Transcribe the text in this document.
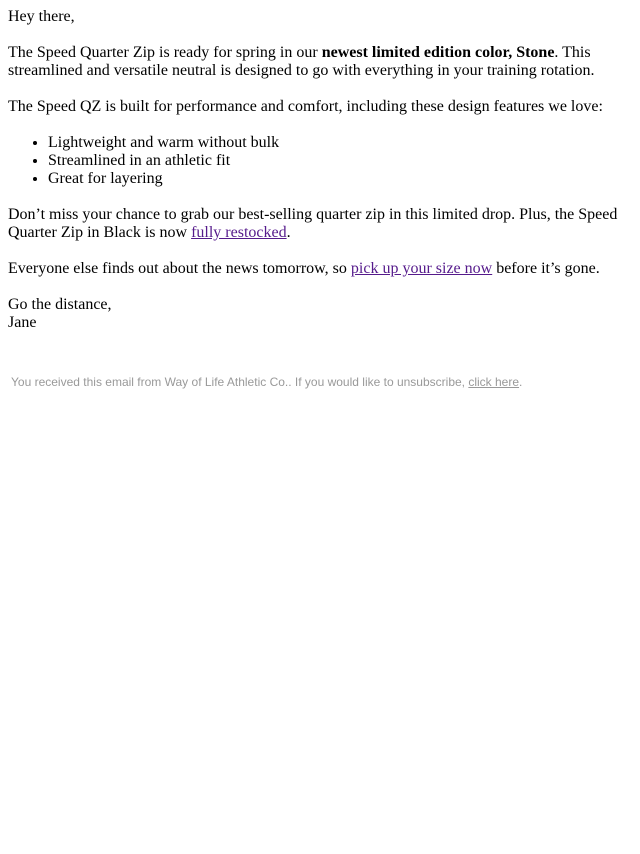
Hey there,

The Speed Quarter Zip is ready for spring in our newest limited edition color, Stone. This streamlined and versatile neutral is designed to go with everything in your training rotation.

The Speed QZ is built for performance and comfort, including these design features we love:

• Lightweight and warm without bulk
• Streamlined in an athletic fit
• Great for layering

Don’t miss your chance to grab our best-selling quarter zip in this limited drop. Plus, the Speed Quarter Zip in Black is now fully restocked.

Everyone else finds out about the news tomorrow, so pick up your size now before it’s gone.

Go the distance,

Jane

You received this email from Way of Life Athletic Co.. If you would like to unsubscribe, click here.
